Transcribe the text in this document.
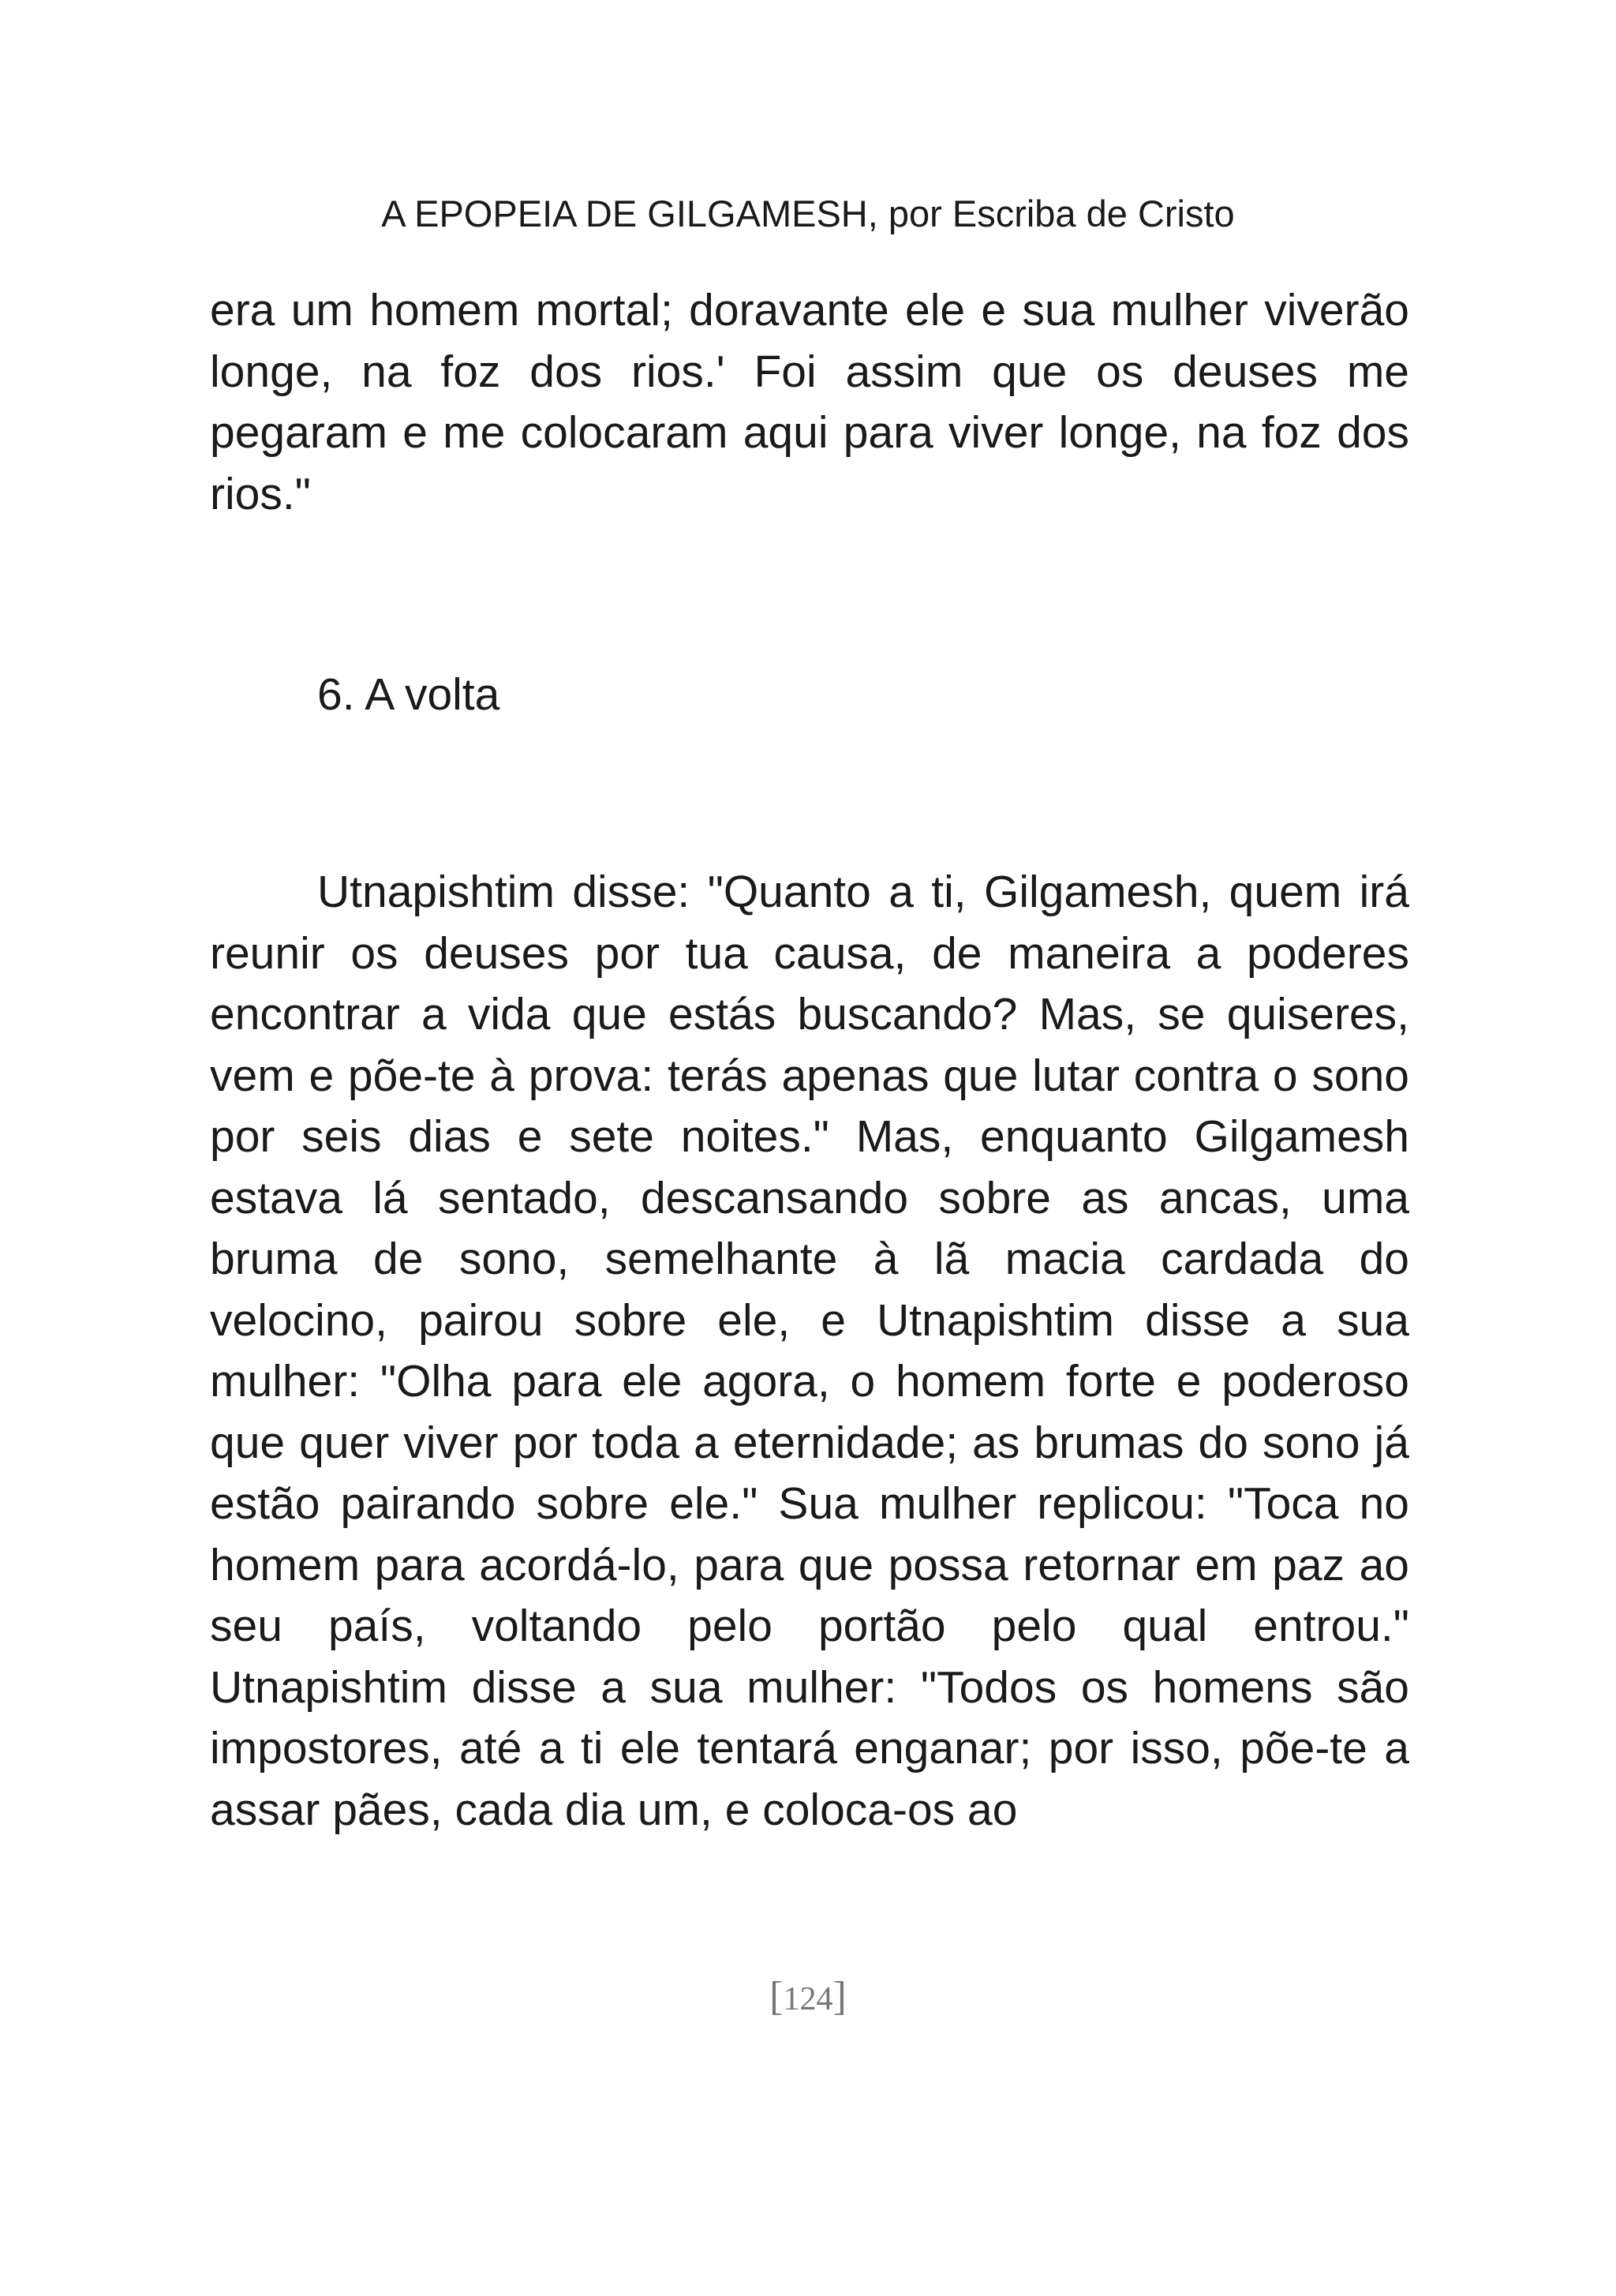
A EPOPEIA DE GILGAMESH, por Escriba de Cristo

era um homem mortal; doravante ele e sua mulher viverão longe, na foz dos rios.' Foi assim que os deuses me pegaram e me colocaram aqui para viver longe, na foz dos rios."

6. A volta

Utnapishtim disse: "Quanto a ti, Gilgamesh, quem irá reunir os deuses por tua causa, de maneira a poderes encontrar a vida que estás buscando? Mas, se quiseres, vem e põe-te à prova: terás apenas que lutar contra o sono por seis dias e sete noites." Mas, enquanto Gilgamesh estava lá sentado, descansando sobre as ancas, uma bruma de sono, semelhante à lã macia cardada do velocino, pairou sobre ele, e Utnapishtim disse a sua mulher: "Olha para ele agora, o homem forte e poderoso que quer viver por toda a eternidade; as brumas do sono já estão pairando sobre ele." Sua mulher replicou: "Toca no homem para acordá-lo, para que possa retornar em paz ao seu país, voltando pelo portão pelo qual entrou." Utnapishtim disse a sua mulher: "Todos os homens são impostores, até a ti ele tentará enganar; por isso, põe-te a assar pães, cada dia um, e coloca-os ao

[124]
